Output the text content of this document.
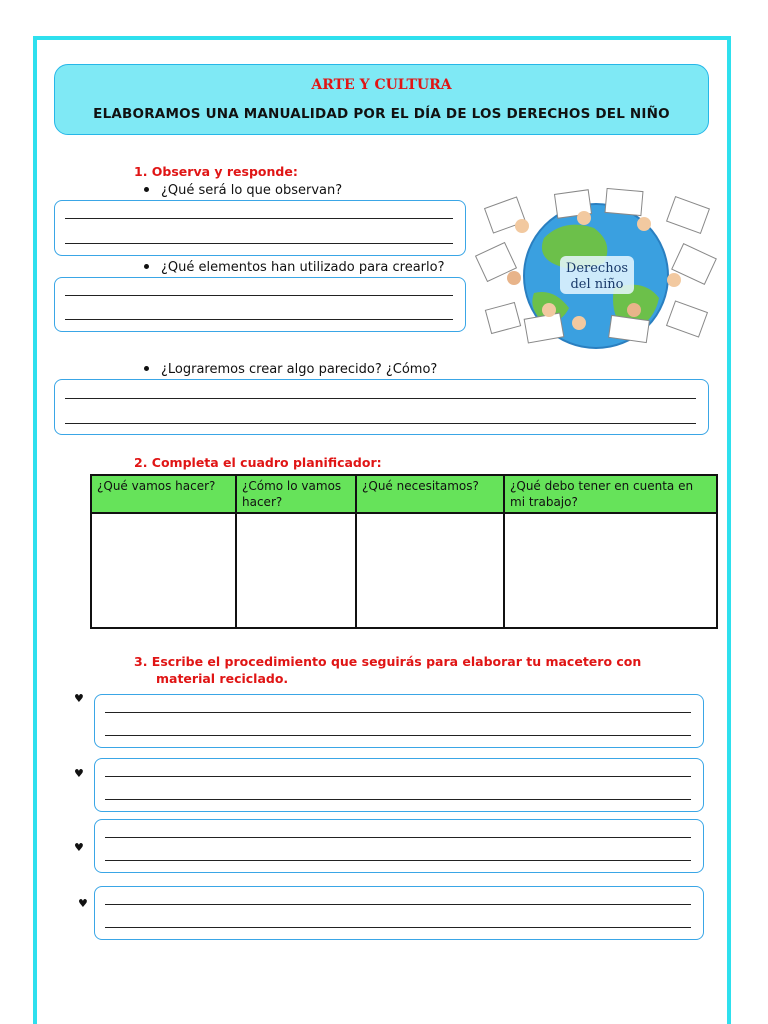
ARTE Y CULTURA
ELABORAMOS UNA MANUALIDAD POR EL DÍA DE LOS DERECHOS DEL NIÑO
1. Observa y responde:
¿Qué será lo que observan?
¿Qué elementos han utilizado para crearlo?
¿Lograremos crear algo parecido? ¿Cómo?
Derechos
del niño
2. Completa el cuadro planificador:
¿Qué vamos hacer?	¿Cómo lo vamos hacer?	¿Qué necesitamos?	¿Qué debo tener en cuenta en mi trabajo?

3. Escribe el procedimiento que seguirás para elaborar tu macetero con
material reciclado.
♥
♥
♥
♥
